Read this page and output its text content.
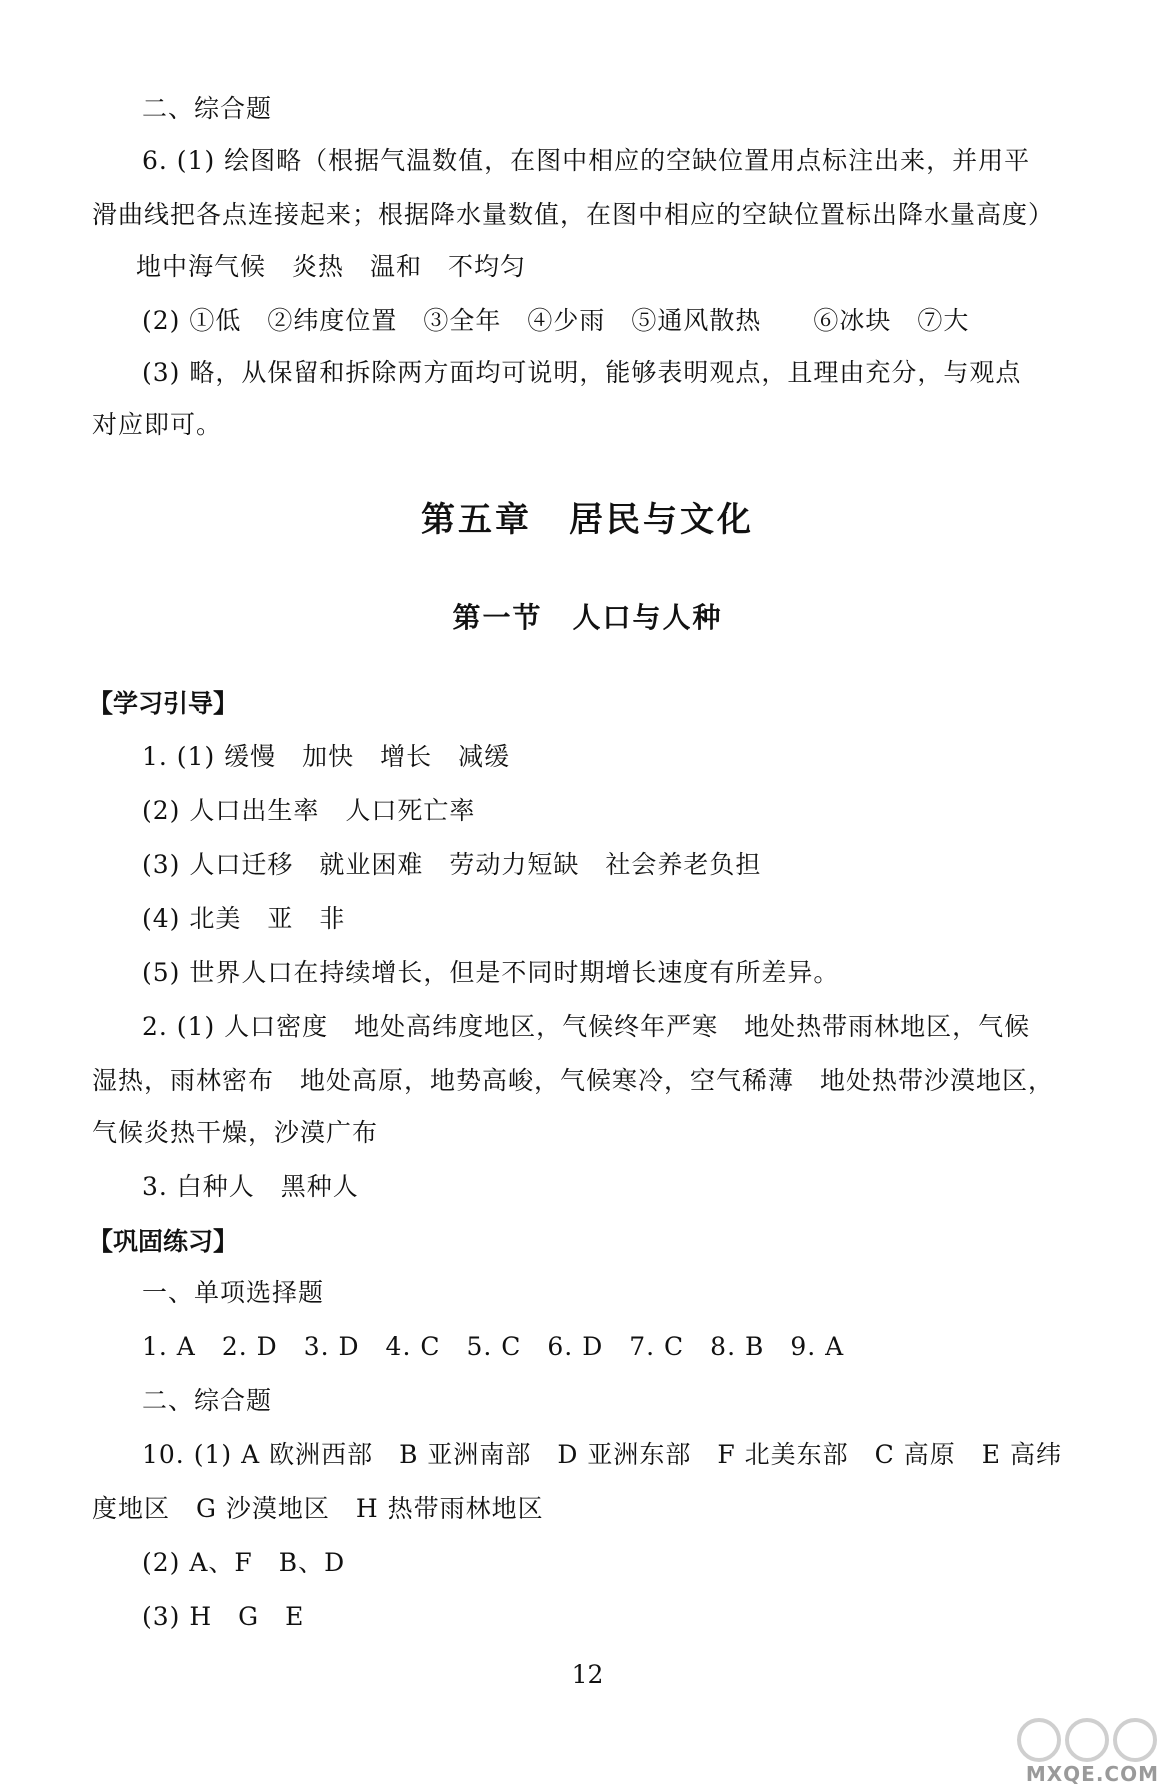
二、综合题
6. (1) 绘图略（根据气温数值，在图中相应的空缺位置用点标注出来，并用平
滑曲线把各点连接起来；根据降水量数值，在图中相应的空缺位置标出降水量高度）
地中海气候　炎热　温和　不均匀
(2) ①低　②纬度位置　③全年　④少雨　⑤通风散热　　⑥冰块　⑦大
(3) 略，从保留和拆除两方面均可说明，能够表明观点，且理由充分，与观点
对应即可。
第五章　居民与文化
第一节　人口与人种
【学习引导】
1. (1) 缓慢　加快　增长　减缓
(2) 人口出生率　人口死亡率
(3) 人口迁移　就业困难　劳动力短缺　社会养老负担
(4) 北美　亚　非
(5) 世界人口在持续增长，但是不同时期增长速度有所差异。
2. (1) 人口密度　地处高纬度地区，气候终年严寒　地处热带雨林地区，气候
湿热，雨林密布　地处高原，地势高峻，气候寒冷，空气稀薄　地处热带沙漠地区，
气候炎热干燥，沙漠广布
3. 白种人　黑种人
【巩固练习】
一、单项选择题
1. A　2. D　3. D　4. C　5. C　6. D　7. C　8. B　9. A
二、综合题
10. (1) A 欧洲西部　B 亚洲南部　D 亚洲东部　F 北美东部　C 高原　E 高纬
度地区　G 沙漠地区　H 热带雨林地区
(2) A、F　B、D
(3) H　G　E
12
MXQE.COM
